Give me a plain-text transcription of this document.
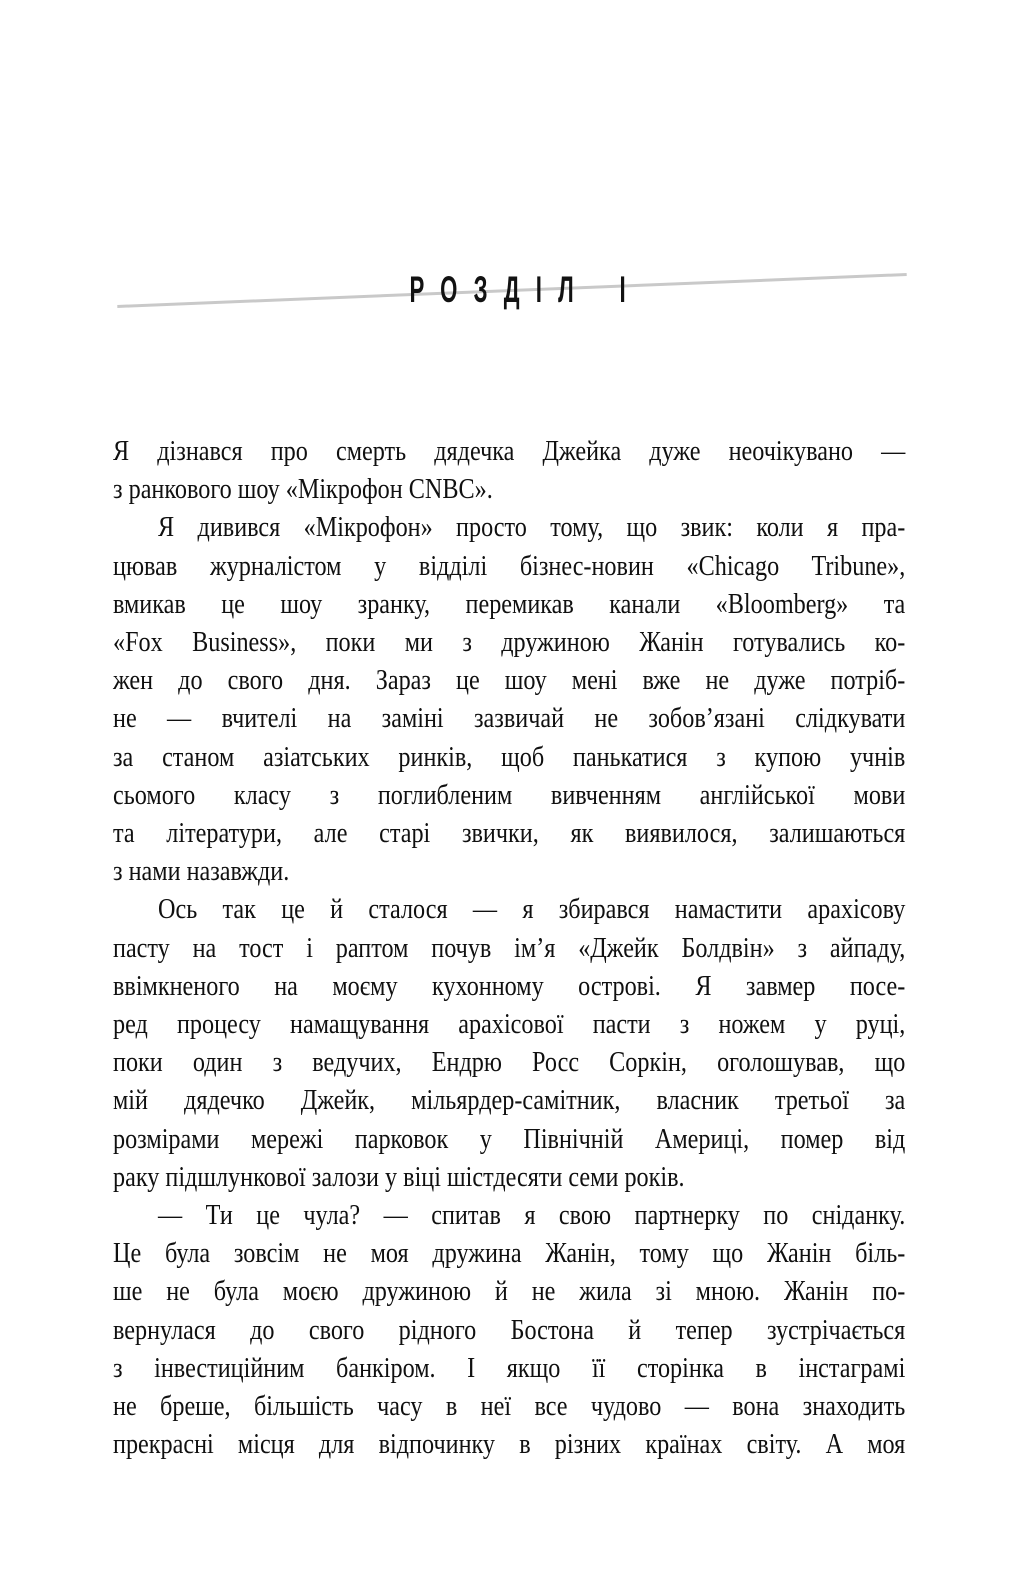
РОЗДІЛ І
Я дізнався про смерть дядечка Джейка дуже неочікувано —
з ранкового шоу «Мікрофон CNBC».
Я дивився «Мікрофон» просто тому, що звик: коли я пра-
цював журналістом у відділі бізнес-новин «Chicago Tribune»,
вмикав це шоу зранку, перемикав канали «Bloomberg» та
«Fox Business», поки ми з дружиною Жанін готувались ко-
жен до свого дня. Зараз це шоу мені вже не дуже потріб-
не — вчителі на заміні зазвичай не зобов’язані слідкувати
за станом азіатських ринків, щоб панькатися з купою учнів
сьомого класу з поглибленим вивченням англійської мови
та літератури, але старі звички, як виявилося, залишаються
з нами назавжди.
Ось так це й сталося — я збирався намастити арахісову
пасту на тост і раптом почув ім’я «Джейк Болдвін» з айпаду,
ввімкненого на моєму кухонному острові. Я завмер посе-
ред процесу намащування арахісової пасти з ножем у руці,
поки один з ведучих, Ендрю Росс Соркін, оголошував, що
мій дядечко Джейк, мільярдер-самітник, власник третьої за
розмірами мережі парковок у Північній Америці, помер від
раку підшлункової залози у віці шістдесяти семи років.
— Ти це чула? — спитав я свою партнерку по сніданку.
Це була зовсім не моя дружина Жанін, тому що Жанін біль-
ше не була моєю дружиною й не жила зі мною. Жанін по-
вернулася до свого рідного Бостона й тепер зустрічається
з інвестиційним банкіром. І якщо її сторінка в інстаграмі
не бреше, більшість часу в неї все чудово — вона знаходить
прекрасні місця для відпочинку в різних країнах світу. А моя
